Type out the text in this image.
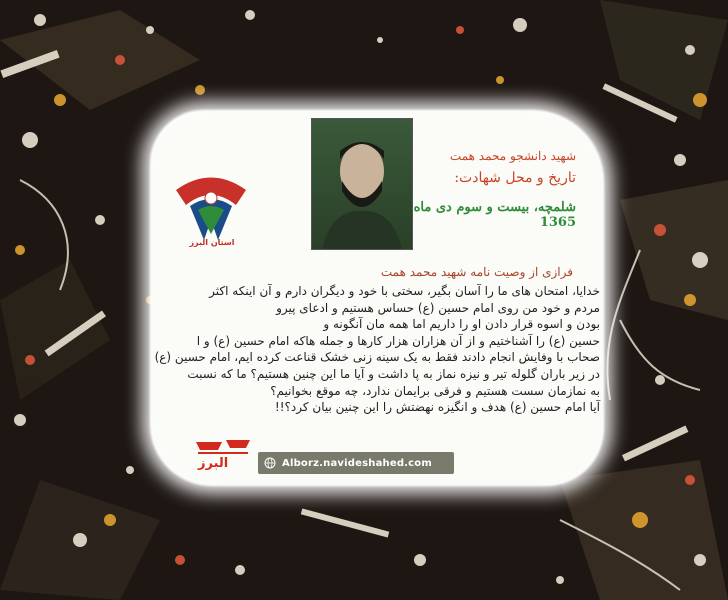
استان البرز
شهید دانشجو محمد همت
تاریخ و محل شهادت:
شلمچه، بیست و سوم دی ماه 1365
فرازی از وصیت نامه شهید محمد همت

خدایا، امتحان های ما را آسان بگیر، سختی با خود و دیگران دارم و آن اینکه اکثر

مردم و خود من روی امام حسین (ع) حساس هستیم و ادعای پیرو

بودن و اسوه قرار دادن او را داریم اما همه مان آنگونه و

حسین (ع) را آشناختیم و از آن هزاران هزار کارها و جمله هاکه امام حسین (ع) و ا

صحاب با وفایش انجام دادند فقط به یک سینه زنی خشک قناعت کرده ایم، امام حسین (ع)

در زیر باران گلوله تیر و نیزه نماز به پا داشت و آیا ما این چنین هستیم؟ ما که نسبت

به نمازمان سست هستیم و فرقی برایمان ندارد، چه موقع بخوانیم؟

آیا امام حسین (ع) هدف و انگیزه نهضتش را این چنین بیان کرد؟!!

البرز	Alborz.navideshahed.com
